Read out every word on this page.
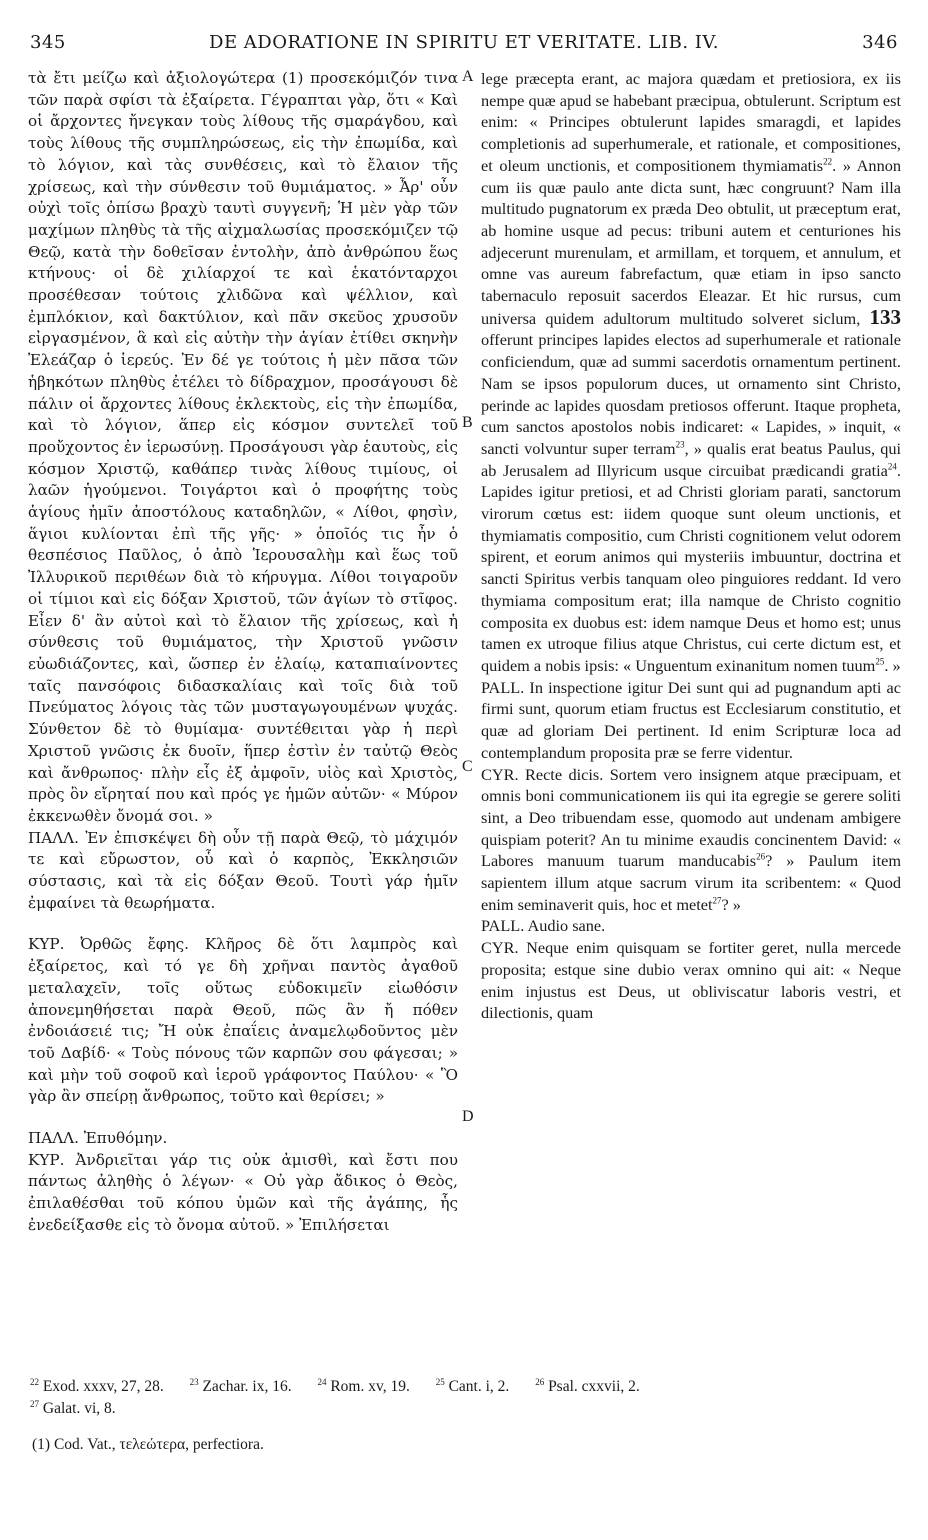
345	DE ADORATIONE IN SPIRITU ET VERITATE. LIB. IV.	346

τὰ ἔτι μείζω καὶ ἀξιολογώτερα (1) προσεκόμιζόν τινα τῶν παρὰ σφίσι τὰ ἐξαίρετα. Γέγραπται γὰρ, ὅτι « Καὶ οἱ ἄρχοντες ἤνεγκαν τοὺς λίθους τῆς σμαράγδου, καὶ τοὺς λίθους τῆς συμπληρώσεως, εἰς τὴν ἐπωμίδα, καὶ τὸ λόγιον, καὶ τὰς συνθέσεις, καὶ τὸ ἔλαιον τῆς χρίσεως, καὶ τὴν σύνθεσιν τοῦ θυμιάματος. » Ἆρ' οὖν οὐχὶ τοῖς ὀπίσω βραχὺ ταυτὶ συγγενῆ; Ἡ μὲν γὰρ τῶν μαχίμων πληθὺς τὰ τῆς αἰχμαλωσίας προσεκόμιζεν τῷ Θεῷ, κατὰ τὴν δοθεῖσαν ἐντολὴν, ἀπὸ ἀνθρώπου ἕως κτήνους· οἱ δὲ χιλίαρχοί τε καὶ ἑκατόνταρχοι προσέθεσαν τούτοις χλιδῶνα καὶ ψέλλιον, καὶ ἐμπλόκιον, καὶ δακτύλιον, καὶ πᾶν σκεῦος χρυσοῦν εἰργασμένον, ἃ καὶ εἰς αὐτὴν τὴν ἁγίαν ἐτίθει σκηνὴν Ἐλεάζαρ ὁ ἱερεύς. Ἐν δέ γε τούτοις ἡ μὲν πᾶσα τῶν ἡβηκότων πληθὺς ἐτέλει τὸ δίδραχμον, προσάγουσι δὲ πάλιν οἱ ἄρχοντες λίθους ἐκλεκτοὺς, εἰς τὴν ἐπωμίδα, καὶ τὸ λόγιον, ἅπερ εἰς κόσμον συντελεῖ τοῦ προὔχοντος ἐν ἱερωσύνῃ. Προσάγουσι γὰρ ἑαυτοὺς, εἰς κόσμον Χριστῷ, καθάπερ τινὰς λίθους τιμίους, οἱ λαῶν ἡγούμενοι. Τοιγάρτοι καὶ ὁ προφήτης τοὺς ἁγίους ἡμῖν ἀποστόλους καταδηλῶν, « Λίθοι, φησὶν, ἅγιοι κυλίονται ἐπὶ τῆς γῆς· » ὁποῖός τις ἦν ὁ θεσπέσιος Παῦλος, ὁ ἀπὸ Ἱερουσαλὴμ καὶ ἕως τοῦ Ἰλλυρικοῦ περιθέων διὰ τὸ κήρυγμα. Λίθοι τοιγαροῦν οἱ τίμιοι καὶ εἰς δόξαν Χριστοῦ, τῶν ἁγίων τὸ στῖφος. Εἶεν δ' ἂν αὐτοὶ καὶ τὸ ἔλαιον τῆς χρίσεως, καὶ ἡ σύνθεσις τοῦ θυμιάματος, τὴν Χριστοῦ γνῶσιν εὐωδιάζοντες, καὶ, ὥσπερ ἐν ἐλαίῳ, καταπιαίνοντες ταῖς πανσόφοις διδασκαλίαις καὶ τοῖς διὰ τοῦ Πνεύματος λόγοις τὰς τῶν μυσταγωγουμένων ψυχάς. Σύνθετον δὲ τὸ θυμίαμα· συντέθειται γὰρ ἡ περὶ Χριστοῦ γνῶσις ἐκ δυοῖν, ἥπερ ἐστὶν ἐν ταὐτῷ Θεὸς καὶ ἄνθρωπος· πλὴν εἷς ἐξ ἀμφοῖν, υἱὸς καὶ Χριστὸς, πρὸς ὃν εἴρηταί που καὶ πρός γε ἡμῶν αὐτῶν· « Μύρον ἐκκενωθὲν ὄνομά σοι. »

ΠΑΛΛ. Ἐν ἐπισκέψει δὴ οὖν τῇ παρὰ Θεῷ, τὸ μάχιμόν τε καὶ εὔρωστον, οὗ καὶ ὁ καρπὸς, Ἐκκλησιῶν σύστασις, καὶ τὰ εἰς δόξαν Θεοῦ. Τουτὶ γάρ ἡμῖν ἐμφαίνει τὰ θεωρήματα.

ΚΥΡ. Ὀρθῶς ἔφης. Κλῆρος δὲ ὅτι λαμπρὸς καὶ ἐξαίρετος, καὶ τό γε δὴ χρῆναι παντὸς ἀγαθοῦ μεταλαχεῖν, τοῖς οὕτως εὐδοκιμεῖν εἰωθόσιν ἀπονεμηθήσεται παρὰ Θεοῦ, πῶς ἂν ἤ πόθεν ἐνδοιάσειέ τις; Ἤ οὐκ ἐπαΐεις ἀναμελῳδοῦντος μὲν τοῦ Δαβίδ· « Τοὺς πόνους τῶν καρπῶν σου φάγεσαι; » καὶ μὴν τοῦ σοφοῦ καὶ ἱεροῦ γράφοντος Παύλου· « Ὃ γὰρ ἂν σπείρῃ ἄνθρωπος, τοῦτο καὶ θερίσει; »

ΠΑΛΛ. Ἐπυθόμην.

ΚΥΡ. Ἀνδριεῖται γάρ τις οὐκ ἀμισθὶ, καὶ ἔστι που πάντως ἀληθὴς ὁ λέγων· « Οὐ γὰρ ἄδικος ὁ Θεὸς, ἐπιλαθέσθαι τοῦ κόπου ὑμῶν καὶ τῆς ἀγάπης, ἧς ἐνεδείξασθε εἰς τὸ ὄνομα αὐτοῦ. » Ἐπιλήσεται

A
B
C
D

lege præcepta erant, ac majora quædam et pretiosiora, ex iis nempe quæ apud se habebant præcipua, obtulerunt. Scriptum est enim: « Principes obtulerunt lapides smaragdi, et lapides completionis ad superhumerale, et rationale, et compositiones, et oleum unctionis, et compositionem thymiamatis$^{22}$. » Annon cum iis quæ paulo ante dicta sunt, hæc congruunt? Nam illa multitudo pugnatorum ex præda Deo obtulit, ut præceptum erat, ab homine usque ad pecus: tribuni autem et centuriones his adjecerunt murenulam, et armillam, et torquem, et annulum, et omne vas aureum fabrefactum, quæ etiam in ipso sancto tabernaculo reposuit sacerdos Eleazar. Et hic rursus, cum universa quidem adultorum multitudo solveret siclum, 133 offerunt principes lapides electos ad superhumerale et rationale conficiendum, quæ ad summi sacerdotis ornamentum pertinent. Nam se ipsos populorum duces, ut ornamento sint Christo, perinde ac lapides quosdam pretiosos offerunt. Itaque propheta, cum sanctos apostolos nobis indicaret: « Lapides, » inquit, « sancti volvuntur super terram$^{23}$, » qualis erat beatus Paulus, qui ab Jerusalem ad Illyricum usque circuibat prædicandi gratia$^{24}$. Lapides igitur pretiosi, et ad Christi gloriam parati, sanctorum virorum cœtus est: iidem quoque sunt oleum unctionis, et thymiamatis compositio, cum Christi cognitionem velut odorem spirent, et eorum animos qui mysteriis imbuuntur, doctrina et sancti Spiritus verbis tanquam oleo pinguiores reddant. Id vero thymiama compositum erat; illa namque de Christo cognitio composita ex duobus est: idem namque Deus et homo est; unus tamen ex utroque filius atque Christus, cui certe dictum est, et quidem a nobis ipsis: « Unguentum exinanitum nomen tuum$^{25}$. »

PALL. In inspectione igitur Dei sunt qui ad pugnandum apti ac firmi sunt, quorum etiam fructus est Ecclesiarum constitutio, et quæ ad gloriam Dei pertinent. Id enim Scripturæ loca ad contemplandum proposita præ se ferre videntur.

CYR. Recte dicis. Sortem vero insignem atque præcipuam, et omnis boni communicationem iis qui ita egregie se gerere soliti sint, a Deo tribuendam esse, quomodo aut undenam ambigere quispiam poterit? An tu minime exaudis concinentem David: « Labores manuum tuarum manducabis$^{26}$? » Paulum item sapientem illum atque sacrum virum ita scribentem: « Quod enim seminaverit quis, hoc et metet$^{27}$? »

PALL. Audio sane.

CYR. Neque enim quisquam se fortiter geret, nulla mercede proposita; estque sine dubio verax omnino qui ait: « Neque enim injustus est Deus, ut obliviscatur laboris vestri, et dilectionis, quam

$^{22}$ Exod. xxxv, 27, 28.	$^{23}$ Zachar. ix, 16.	$^{24}$ Rom. xv, 19.	$^{25}$ Cant. i, 2.	$^{26}$ Psal. cxxvii, 2.
$^{27}$ Galat. vi, 8.
(1) Cod. Vat., τελεώτερα, perfectiora.
